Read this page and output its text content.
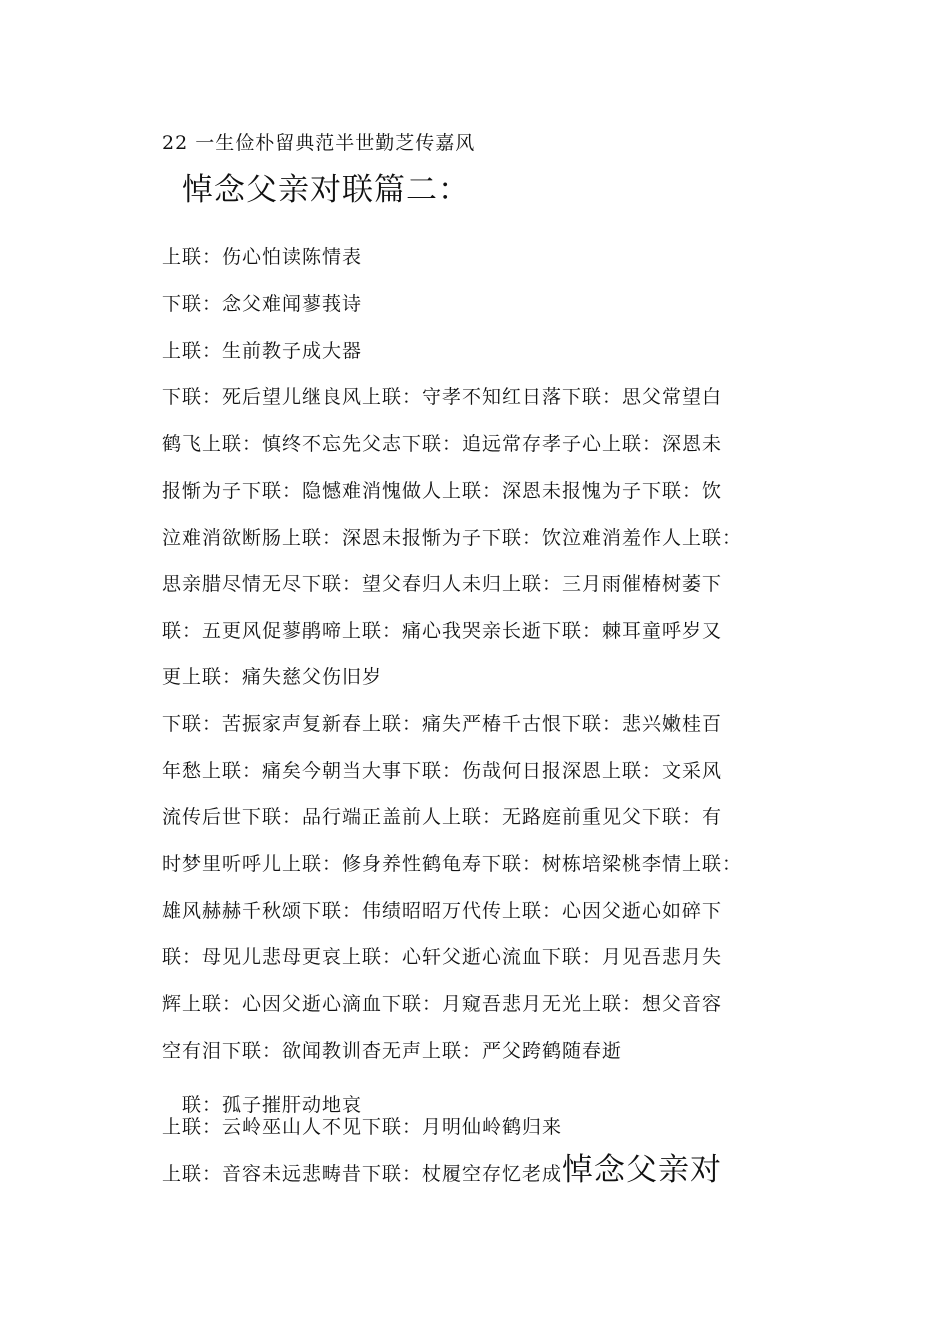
22 一生俭朴留典范半世勤芝传嘉风
悼念父亲对联篇二：
上联：伤心怕读陈情表
下联：念父难闻蓼莪诗
上联：生前教子成大器
下联：死后望儿继良风上联：守孝不知红日落下联：思父常望白
鹤飞上联：慎终不忘先父志下联：追远常存孝子心上联：深恩未
报惭为子下联：隐憾难消愧做人上联：深恩未报愧为子下联：饮
泣难消欲断肠上联：深恩未报惭为子下联：饮泣难消羞作人上联：
思亲腊尽情无尽下联：望父春归人未归上联：三月雨催椿树萎下
联：五更风促蓼鹃啼上联：痛心我哭亲长逝下联：棘耳童呼岁又
更上联：痛失慈父伤旧岁
下联：苦振家声复新春上联：痛失严椿千古恨下联：悲兴嫩桂百
年愁上联：痛矣今朝当大事下联：伤哉何日报深恩上联：文采风
流传后世下联：品行端正盖前人上联：无路庭前重见父下联：有
时梦里听呼儿上联：修身养性鹤龟寿下联：树栋培梁桃李情上联：
雄风赫赫千秋颂下联：伟绩昭昭万代传上联：心因父逝心如碎下
联：母见儿悲母更哀上联：心轩父逝心流血下联：月见吾悲月失
辉上联：心因父逝心滴血下联：月窥吾悲月无光上联：想父音容
空有泪下联：欲闻教训杳无声上联：严父跨鹤随春逝
联：孤子摧肝动地哀
上联：云岭巫山人不见下联：月明仙岭鹤归来
上联：音容未远悲畴昔下联：杖履空存忆老成悼念父亲对
